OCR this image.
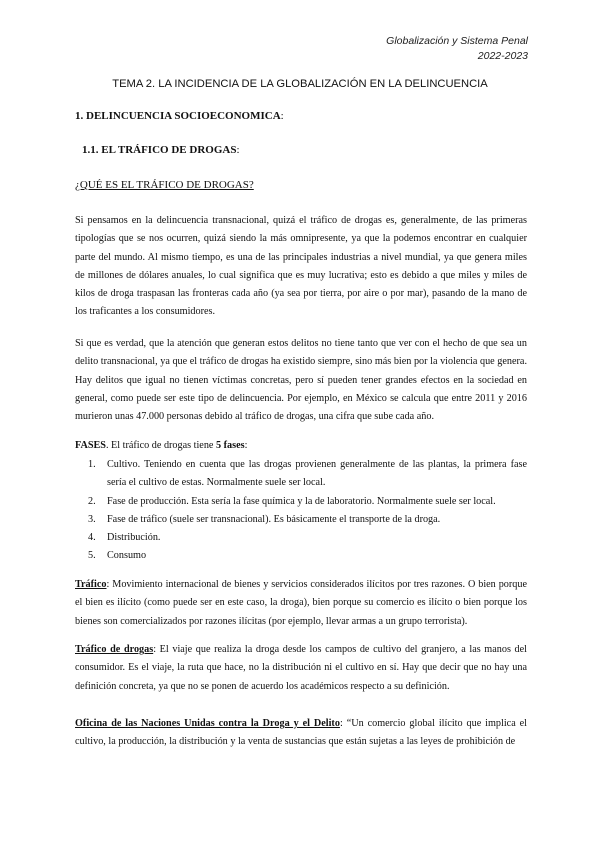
Globalización y Sistema Penal
2022-2023
TEMA 2. LA INCIDENCIA DE LA GLOBALIZACIÓN EN LA DELINCUENCIA
1. DELINCUENCIA SOCIOECONOMICA:
1.1. EL TRÁFICO DE DROGAS:
¿QUÉ ES EL TRÁFICO DE DROGAS?

Si pensamos en la delincuencia transnacional, quizá el tráfico de drogas es, generalmente, de las primeras tipologías que se nos ocurren, quizá siendo la más omnipresente, ya que la podemos encontrar en cualquier parte del mundo. Al mismo tiempo, es una de las principales industrias a nivel mundial, ya que genera miles de millones de dólares anuales, lo cual significa que es muy lucrativa; esto es debido a que miles y miles de kilos de droga traspasan las fronteras cada año (ya sea por tierra, por aire o por mar), pasando de la mano de los traficantes a los consumidores.

Si que es verdad, que la atención que generan estos delitos no tiene tanto que ver con el hecho de que sea un delito transnacional, ya que el tráfico de drogas ha existido siempre, sino más bien por la violencia que genera. Hay delitos que igual no tienen víctimas concretas, pero sí pueden tener grandes efectos en la sociedad en general, como puede ser este tipo de delincuencia. Por ejemplo, en México se calcula que entre 2011 y 2016 murieron unas 47.000 personas debido al tráfico de drogas, una cifra que sube cada año.

FASES. El tráfico de drogas tiene 5 fases:

1. Cultivo. Teniendo en cuenta que las drogas provienen generalmente de las plantas, la primera fase sería el cultivo de estas. Normalmente suele ser local.
2. Fase de producción. Esta sería la fase química y la de laboratorio. Normalmente suele ser local.
3. Fase de tráfico (suele ser transnacional). Es básicamente el transporte de la droga.
4. Distribución.
5. Consumo

Tráfico: Movimiento internacional de bienes y servicios considerados ilícitos por tres razones. O bien porque el bien es ilícito (como puede ser en este caso, la droga), bien porque su comercio es ilícito o bien porque los bienes son comercializados por razones ilícitas (por ejemplo, llevar armas a un grupo terrorista).

Tráfico de drogas: El viaje que realiza la droga desde los campos de cultivo del granjero, a las manos del consumidor. Es el viaje, la ruta que hace, no la distribución ni el cultivo en sí. Hay que decir que no hay una definición concreta, ya que no se ponen de acuerdo los académicos respecto a su definición.

Oficina de las Naciones Unidas contra la Droga y el Delito: “Un comercio global ilícito que implica el cultivo, la producción, la distribución y la venta de sustancias que están sujetas a las leyes de prohibición de
